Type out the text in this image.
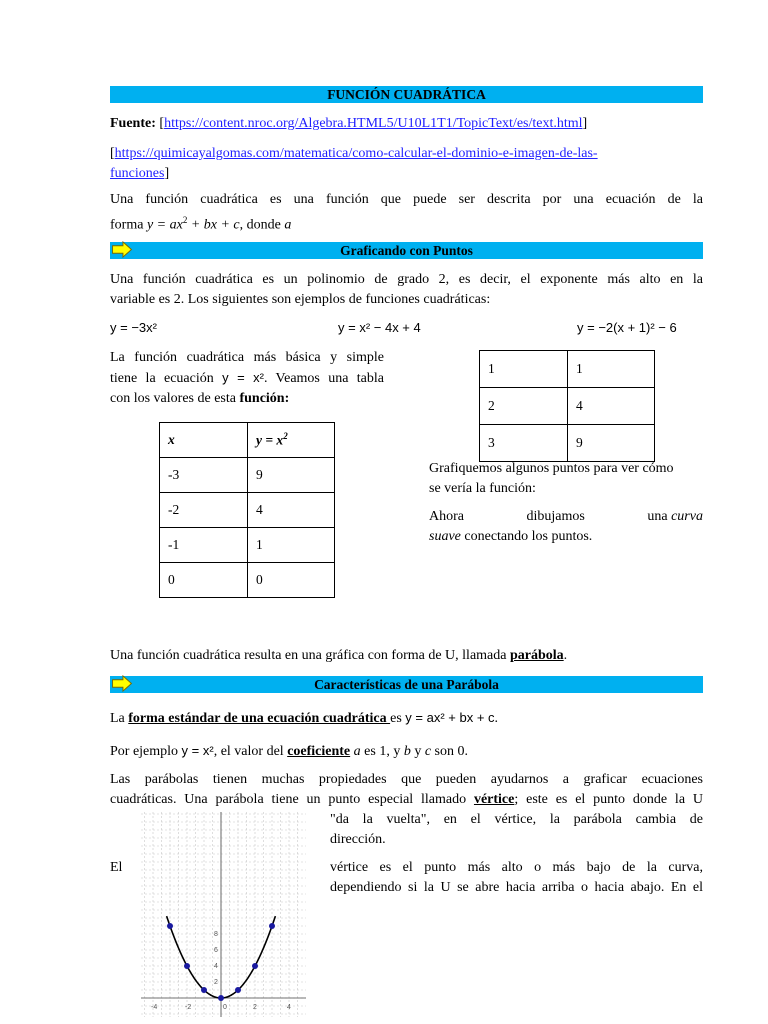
FUNCIÓN CUADRÁTICA
Fuente: [https://content.nroc.org/Algebra.HTML5/U10L1T1/TopicText/es/text.html]
[https://quimicayalgomas.com/matematica/como-calcular-el-dominio-e-imagen-de-las-
funciones]
Una función cuadrática es una función que puede ser descrita por una ecuación de la
forma $y = ax^2$ + bx + c, donde a
Graficando con Puntos
Una función cuadrática es un polinomio de grado 2, es decir, el exponente más alto en la
variable es 2. Los siguientes son ejemplos de funciones cuadráticas:
y = −3x²	y = x² − 4x + 4	y = −2(x + 1)² − 6
La función cuadrática más básica y simple
tiene la ecuación y = x². Veamos una tabla
con los valores de esta función:
x	$y = x^2$
-3	9
-2	4
-1	1
0	0
1	1
2	4
3	9
Grafiquemos algunos puntos para ver cómo
se vería la función:
Ahora	dibujamos	una curva
suave conectando los puntos.
Una función cuadrática resulta en una gráfica con forma de U, llamada parábola.
Características de una Parábola
La forma estándar de una ecuación cuadrática es y = ax² + bx + c.
Por ejemplo y = x², el valor del coeficiente a es 1, y b y c son 0.
Las parábolas tienen muchas propiedades que pueden ayudarnos a graficar ecuaciones
cuadráticas. Una parábola tiene un punto especial llamado vértice; este es el punto donde la U
"da la vuelta", en el vértice, la parábola cambia de
dirección.
El	vértice es el punto más alto o más bajo de la curva,
dependiendo si la U se abre hacia arriba o hacia abajo. En el
-4	-2	0	2	4
2
4
6
8
